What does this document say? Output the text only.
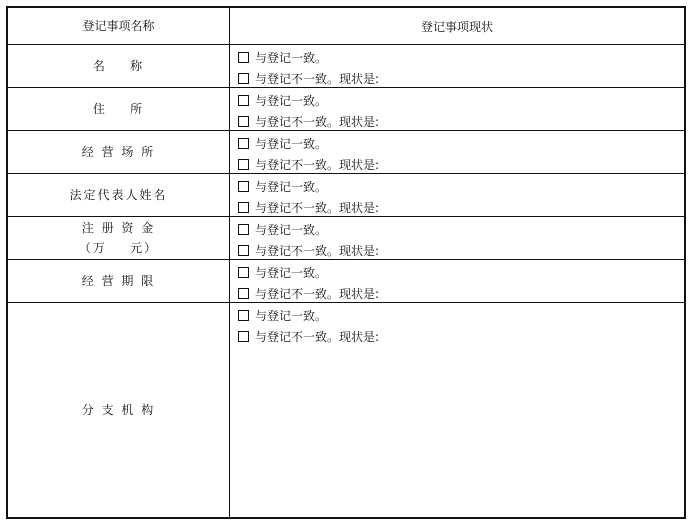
登记事项名称	登记事项现状
名    称
与登记一致。
与登记不一致。现状是:
住    所
与登记一致。
与登记不一致。现状是:
经 营 场 所
与登记一致。
与登记不一致。现状是:
法定代表人姓名
与登记一致。
与登记不一致。现状是:
注 册 资 金
（万    元）
与登记一致。
与登记不一致。现状是:
经 营 期 限
与登记一致。
与登记不一致。现状是:
分 支 机 构
与登记一致。
与登记不一致。现状是:
